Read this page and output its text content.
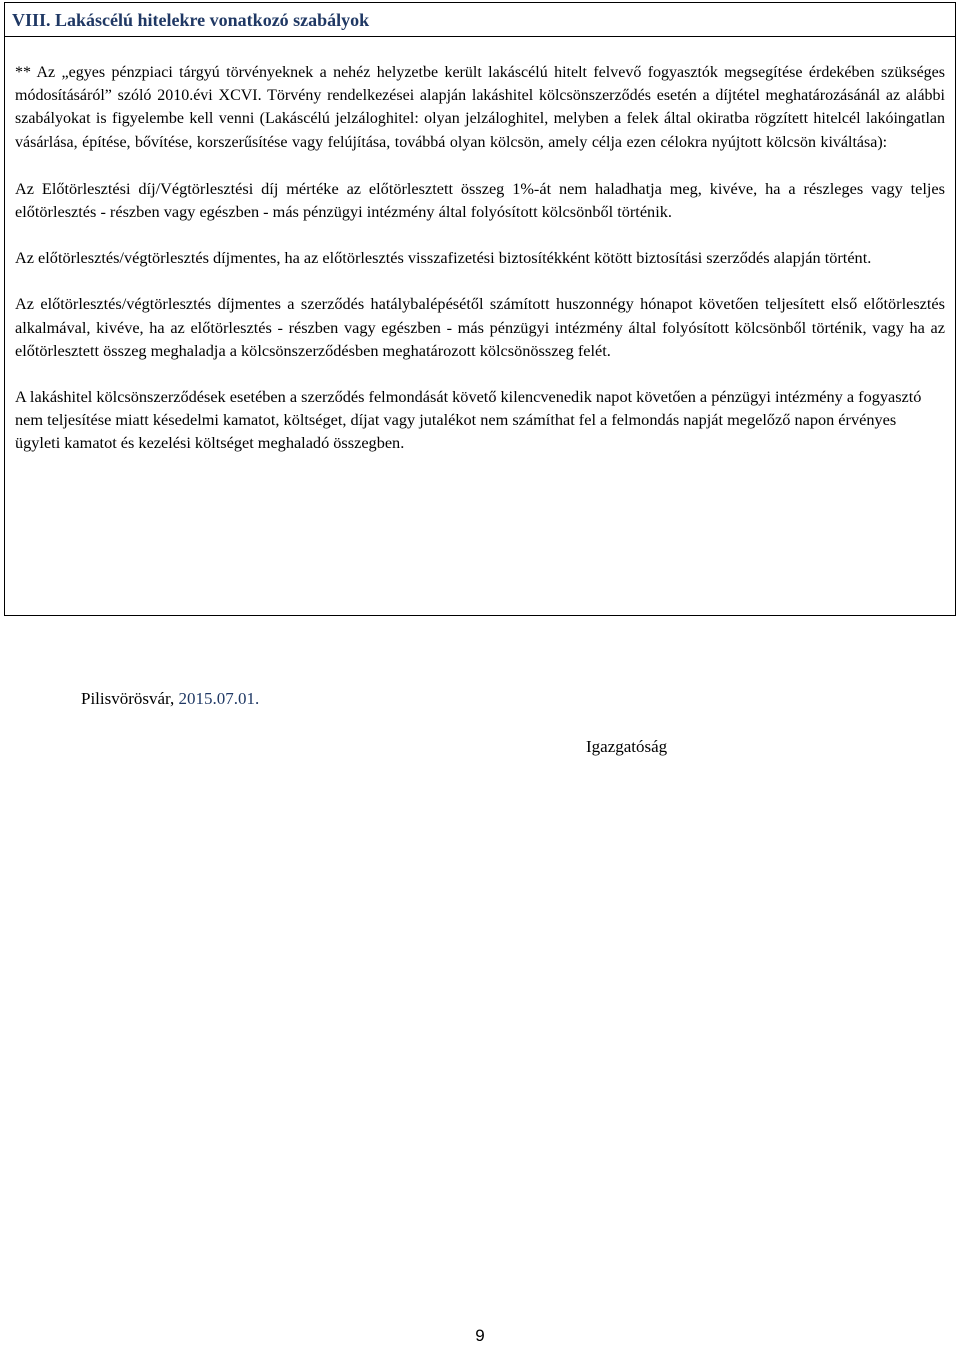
VIII. Lakáscélú hitelekre vonatkozó szabályok

** Az „egyes pénzpiaci tárgyú törvényeknek a nehéz helyzetbe került lakáscélú hitelt felvevő fogyasztók megsegítése érdekében szükséges módosításáról” szóló 2010.évi XCVI. Törvény rendelkezései alapján lakáshitel kölcsönszerződés esetén a díjtétel meghatározásánál az alábbi szabályokat is figyelembe kell venni (Lakáscélú jelzáloghitel: olyan jelzáloghitel, melyben a felek által okiratba rögzített hitelcél lakóingatlan vásárlása, építése, bővítése, korszerűsítése vagy felújítása, továbbá olyan kölcsön, amely célja ezen célokra nyújtott kölcsön kiváltása):

Az Előtörlesztési díj/Végtörlesztési díj mértéke az előtörlesztett összeg 1%-át nem haladhatja meg, kivéve, ha a részleges vagy teljes előtörlesztés - részben vagy egészben - más pénzügyi intézmény által folyósított kölcsönből történik.

Az előtörlesztés/végtörlesztés díjmentes, ha az előtörlesztés visszafizetési biztosítékként kötött biztosítási szerződés alapján történt.

Az előtörlesztés/végtörlesztés díjmentes a szerződés hatálybalépésétől számított huszonnégy hónapot követően teljesített első előtörlesztés alkalmával, kivéve, ha az előtörlesztés - részben vagy egészben - más pénzügyi intézmény által folyósított kölcsönből történik, vagy ha az előtörlesztett összeg meghaladja a kölcsönszerződésben meghatározott kölcsönösszeg felét.

A lakáshitel kölcsönszerződések esetében a szerződés felmondását követő kilencvenedik napot követően a pénzügyi intézmény a fogyasztó nem teljesítése miatt késedelmi kamatot, költséget, díjat vagy jutalékot nem számíthat fel a felmondás napját megelőző napon érvényes ügyleti kamatot és kezelési költséget meghaladó összegben.

Pilisvörösvár, 2015.07.01.
Igazgatóság
9
